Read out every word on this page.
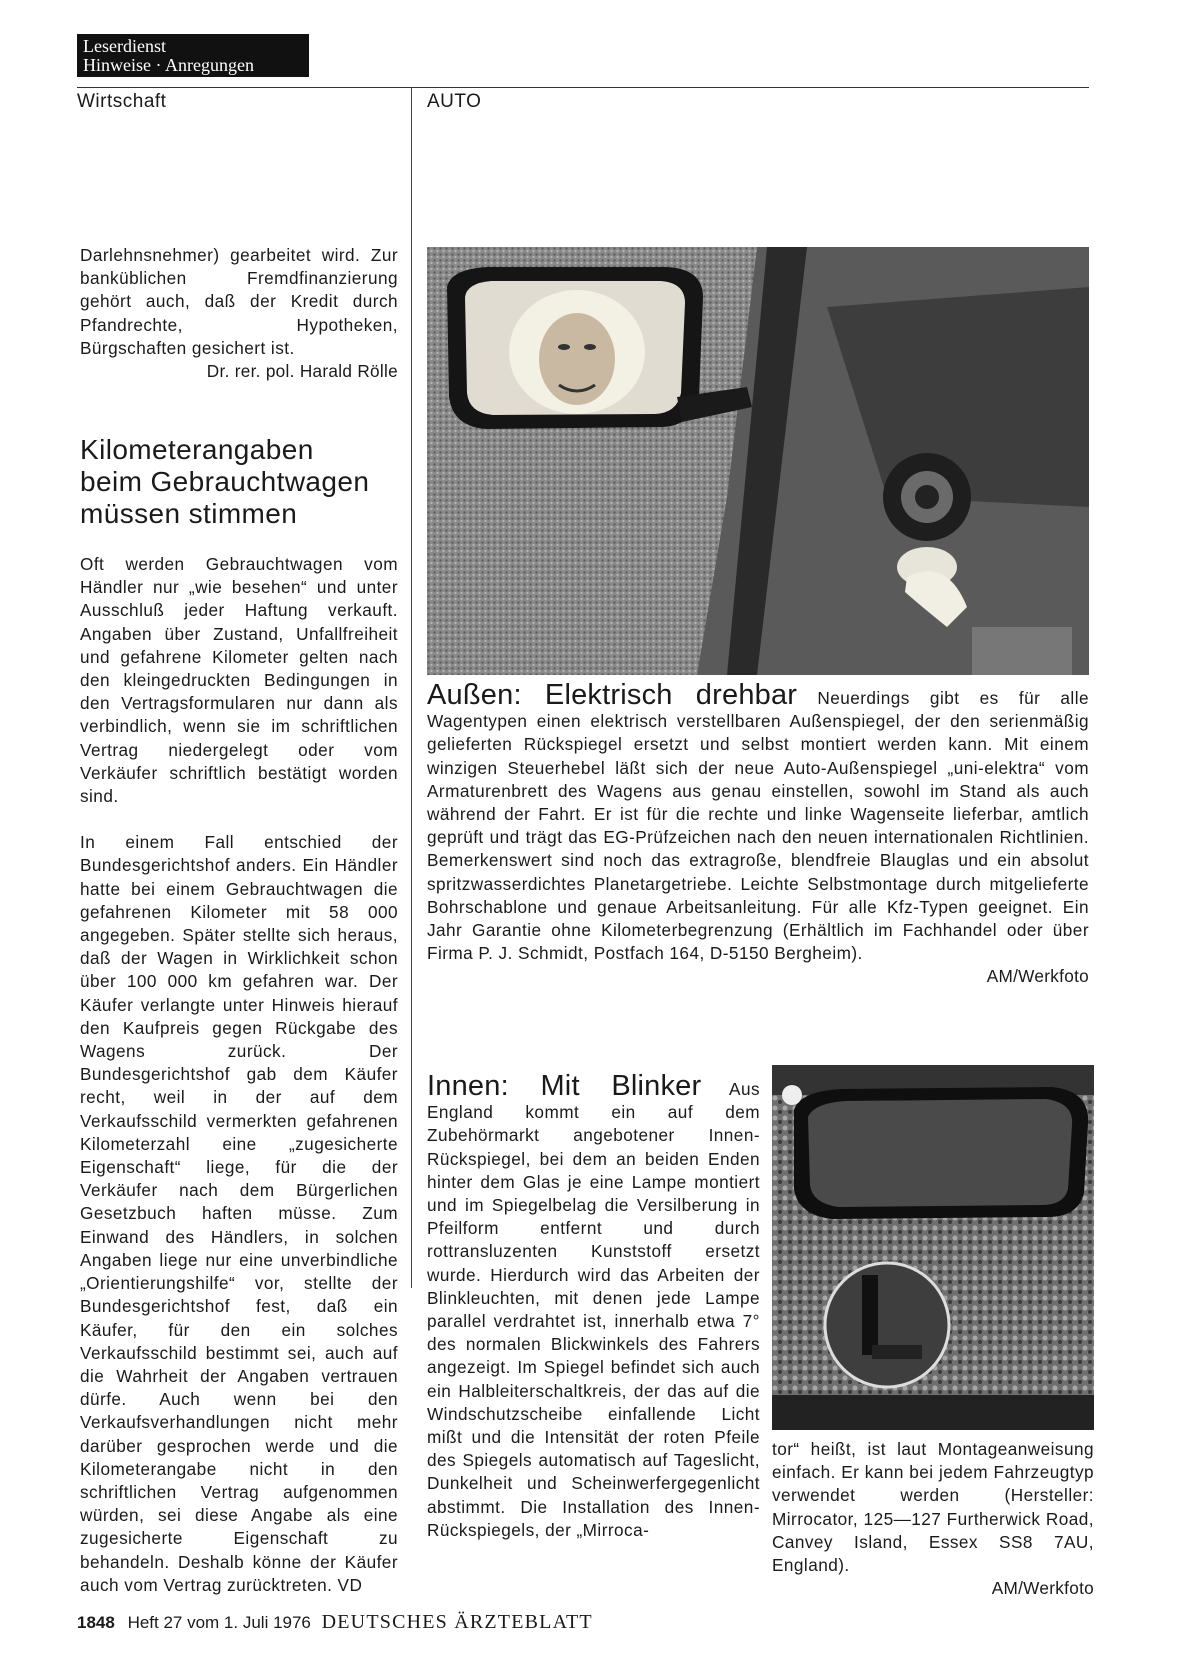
Leserdienst
Hinweise · Anregungen
Wirtschaft	AUTO

Darlehnsnehmer) gearbeitet wird. Zur banküblichen Fremdfinanzierung gehört auch, daß der Kredit durch Pfandrechte, Hypotheken, Bürgschaften gesichert ist.

Dr. rer. pol. Harald Rölle

Kilometerangaben
beim Gebrauchtwagen
müssen stimmen

Oft werden Gebrauchtwagen vom Händler nur „wie besehen“ und unter Ausschluß jeder Haftung verkauft. Angaben über Zustand, Unfallfreiheit und gefahrene Kilometer gelten nach den kleingedruckten Bedingungen in den Vertragsformularen nur dann als verbindlich, wenn sie im schriftlichen Vertrag niedergelegt oder vom Verkäufer schriftlich bestätigt worden sind.

In einem Fall entschied der Bundesgerichtshof anders. Ein Händler hatte bei einem Gebrauchtwagen die gefahrenen Kilometer mit 58 000 angegeben. Später stellte sich heraus, daß der Wagen in Wirklichkeit schon über 100 000 km gefahren war. Der Käufer verlangte unter Hinweis hierauf den Kaufpreis gegen Rückgabe des Wagens zurück. Der Bundesgerichtshof gab dem Käufer recht, weil in der auf dem Verkaufsschild vermerkten gefahrenen Kilometerzahl eine „zugesicherte Eigenschaft“ liege, für die der Verkäufer nach dem Bürgerlichen Gesetzbuch haften müsse. Zum Einwand des Händlers, in solchen Angaben liege nur eine unverbindliche „Orientierungshilfe“ vor, stellte der Bundesgerichtshof fest, daß ein Käufer, für den ein solches Verkaufsschild bestimmt sei, auch auf die Wahrheit der Angaben vertrauen dürfe. Auch wenn bei den Verkaufsverhandlungen nicht mehr darüber gesprochen werde und die Kilometerangabe nicht in den schriftlichen Vertrag aufgenommen würden, sei diese Angabe als eine zugesicherte Eigenschaft zu behandeln. Deshalb könne der Käufer auch vom Vertrag zurücktreten. VD

Außen: Elektrisch drehbar Neuerdings gibt es für alle Wagentypen einen elektrisch verstellbaren Außenspiegel, der den serienmäßig gelieferten Rückspiegel ersetzt und selbst montiert werden kann. Mit einem winzigen Steuerhebel läßt sich der neue Auto-Außenspiegel „uni-elektra“ vom Armaturenbrett des Wagens aus genau einstellen, sowohl im Stand als auch während der Fahrt. Er ist für die rechte und linke Wagenseite lieferbar, amtlich geprüft und trägt das EG-Prüfzeichen nach den neuen internationalen Richtlinien. Bemerkenswert sind noch das extragroße, blendfreie Blauglas und ein absolut spritzwasserdichtes Planetargetriebe. Leichte Selbstmontage durch mitgelieferte Bohrschablone und genaue Arbeitsanleitung. Für alle Kfz-Typen geeignet. Ein Jahr Garantie ohne Kilometerbegrenzung (Erhältlich im Fachhandel oder über Firma P. J. Schmidt, Postfach 164, D-5150 Bergheim).

AM/Werkfoto

Innen: Mit Blinker Aus England kommt ein auf dem Zubehörmarkt angebotener Innen-Rückspiegel, bei dem an beiden Enden hinter dem Glas je eine Lampe montiert und im Spiegelbelag die Versilberung in Pfeilform entfernt und durch rottransluzenten Kunststoff ersetzt wurde. Hierdurch wird das Arbeiten der Blinkleuchten, mit denen jede Lampe parallel verdrahtet ist, innerhalb etwa 7° des normalen Blickwinkels des Fahrers angezeigt. Im Spiegel befindet sich auch ein Halbleiterschaltkreis, der das auf die Windschutzscheibe einfallende Licht mißt und die Intensität der roten Pfeile des Spiegels automatisch auf Tageslicht, Dunkelheit und Scheinwerfergegenlicht abstimmt. Die Installation des Innen-Rückspiegels, der „Mirroca-

tor“ heißt, ist laut Montageanweisung einfach. Er kann bei jedem Fahrzeugtyp verwendet werden (Hersteller: Mirrocator, 125—127 Furtherwick Road, Canvey Island, Essex SS8 7AU, England).

AM/Werkfoto

1848 Heft 27 vom 1. Juli 1976 DEUTSCHES ÄRZTEBLATT
